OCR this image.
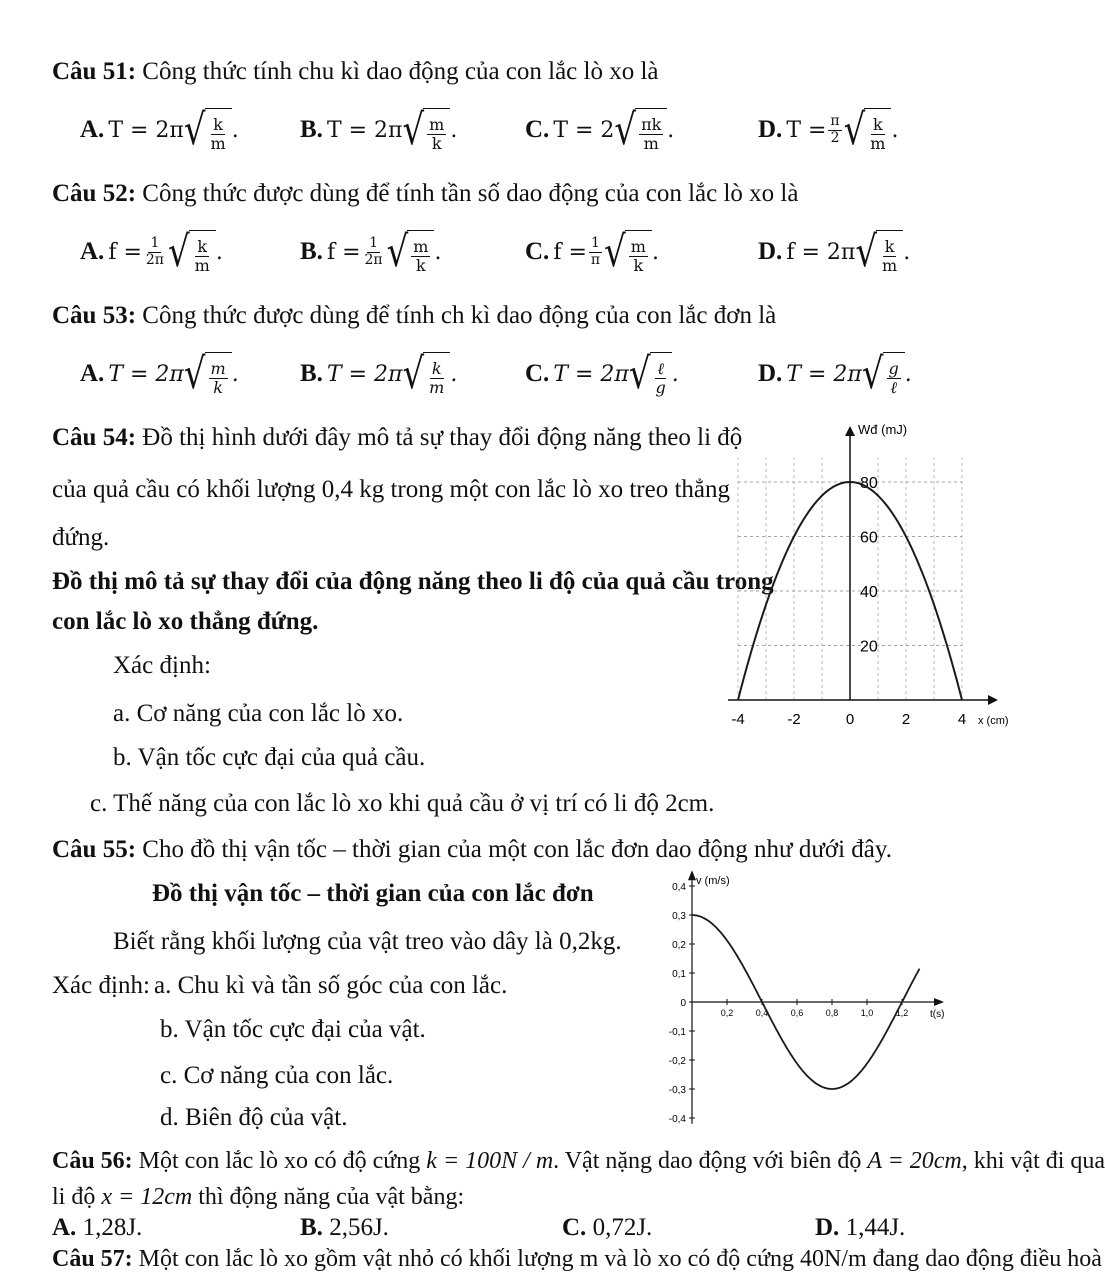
Câu 51: Công thức tính chu kì dao động của con lắc lò xo là
A. T = 2π √ $\frac{k}{m}$ . B. T = 2π √ $\frac{m}{k}$ .	C. T = 2 √ $\frac{\pi k}{m}$ .	D. $T = \frac{\pi}{2}$ √ $\frac{k}{m}$ .
Câu 52: Công thức được dùng để tính tần số dao động của con lắc lò xo là
A. $f = \frac{1}{2\pi}$ √ $\frac{k}{m}$ .	B. $f = \frac{1}{2\pi}$ √ $\frac{m}{k}$ .	C. $f = \frac{1}{\pi}$ √ $\frac{m}{k}$ .	D. f = 2π √ $\frac{k}{m}$ .
Câu 53: Công thức được dùng để tính ch kì dao động của con lắc đơn là
A. T = 2π √ $\frac{m}{k}$ . B. T = 2π √ $\frac{k}{m}$ .	C. T = 2π √ $\frac{\text{ℓ}}{g}$ .	D. T = 2π √ $\frac{g}{\text{ℓ}}$ .
Câu 54: Đồ thị hình dưới đây mô tả sự thay đổi động năng theo li độ
của quả cầu có khối lượng 0,4 kg trong một con lắc lò xo treo thẳng
đứng.
Đồ thị mô tả sự thay đổi của động năng theo li độ của quả cầu trong
con lắc lò xo thẳng đứng.
Xác định:
a. Cơ năng của con lắc lò xo.
b. Vận tốc cực đại của quả cầu.
c. Thế năng của con lắc lò xo khi quả cầu ở vị trí có li độ 2cm.
Wđ (mJ)
x (cm)
-4	-2	0	2	4
20
40
60
80
Câu 55: Cho đồ thị vận tốc – thời gian của một con lắc đơn dao động như dưới đây.
Đồ thị vận tốc – thời gian của con lắc đơn
Biết rằng khối lượng của vật treo vào dây là 0,2kg.
Xác định: a. Chu kì và tần số góc của con lắc.
b. Vận tốc cực đại của vật.
c. Cơ năng của con lắc.
d. Biên độ của vật.
v (m/s)
t(s)
0,4
0,3
0,2
0,1
0
-0,1
-0,2
-0,3
-0,4
0,2 0,4 0,6 0,8 1,0 1,2
Câu 56: Một con lắc lò xo có độ cứng k = 100N / m. Vật nặng dao động với biên độ A = 20cm, khi vật đi qua
li độ x = 12cm thì động năng của vật bằng:
A. 1,28J.	B. 2,56J.	C. 0,72J.	D. 1,44J.
Câu 57: Một con lắc lò xo gồm vật nhỏ có khối lượng m và lò xo có độ cứng 40N/m đang dao động điều hoà
